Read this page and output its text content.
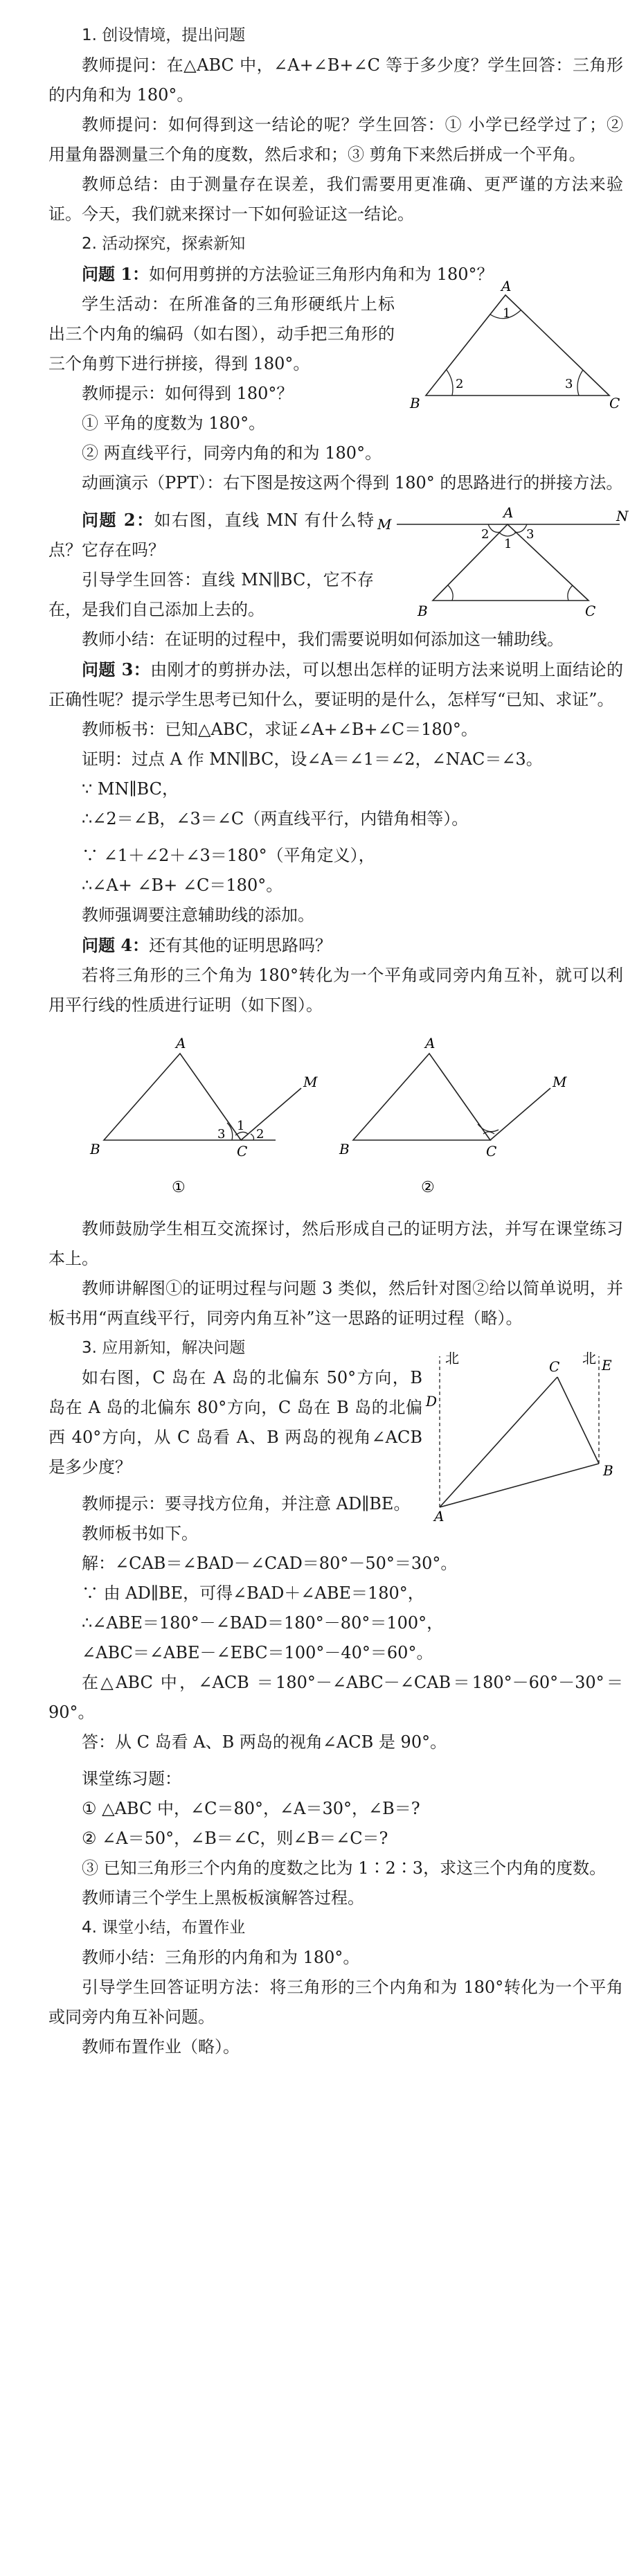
1. 创设情境，提出问题

教师提问：在△ABC 中，∠A+∠B+∠C 等于多少度？学生回答：三角形的内角和为 180°。

教师提问：如何得到这一结论的呢？学生回答：① 小学已经学过了；② 用量角器测量三个角的度数，然后求和；③ 剪角下来然后拼成一个平角。

教师总结：由于测量存在误差，我们需要用更准确、更严谨的方法来验证。今天，我们就来探讨一下如何验证这一结论。

2. 活动探究，探索新知

问题 1：如何用剪拼的方法验证三角形内角和为 180°？

学生活动：在所准备的三角形硬纸片上标出三个内角的编码（如右图），动手把三角形的三个角剪下进行拼接，得到 180°。

教师提示：如何得到 180°？

A
B	C
1
2	3

① 平角的度数为 180°。

② 两直线平行，同旁内角的和为 180°。

动画演示（PPT）：右下图是按这两个得到 180° 的思路进行的拼接方法。

问题 2：如右图，直线 MN 有什么特点？它存在吗？

引导学生回答：直线 MN∥BC，它不存在，是我们自己添加上去的。

教师小结：在证明的过程中，我们需要说明如何添加这一辅助线。

M	N
A
B	C
2
1
3

问题 3：由刚才的剪拼办法，可以想出怎样的证明方法来说明上面结论的正确性呢？提示学生思考已知什么，要证明的是什么，怎样写“已知、求证”。

教师板书：已知△ABC，求证∠A+∠B+∠C＝180°。

证明：过点 A 作 MN∥BC，设∠A＝∠1＝∠2，∠NAC＝∠3。

∵ MN∥BC，

∴∠2＝∠B，∠3＝∠C（两直线平行，内错角相等）。

∵ ∠1＋∠2＋∠3＝180°（平角定义），

∴∠A+ ∠B+ ∠C＝180°。

教师强调要注意辅助线的添加。

问题 4：还有其他的证明思路吗？

若将三角形的三个角为 180°转化为一个平角或同旁内角互补，就可以利用平行线的性质进行证明（如下图）。

A
B	C
M
3
1
2
①
A
B	C
M
②

教师鼓励学生相互交流探讨，然后形成自己的证明方法，并写在课堂练习本上。

教师讲解图①的证明过程与问题 3 类似，然后针对图②给以简单说明，并板书用“两直线平行，同旁内角互补”这一思路的证明过程（略）。

3. 应用新知，解决问题

如右图，C 岛在 A 岛的北偏东 50°方向，B 岛在 A 岛的北偏东 80°方向，C 岛在 B 岛的北偏西 40°方向，从 C 岛看 A、B 两岛的视角∠ACB 是多少度？

北	北
D
E
C
B
A

教师提示：要寻找方位角，并注意 AD∥BE。

教师板书如下。

解：∠CAB＝∠BAD－∠CAD＝80°－50°＝30°。

∵ 由 AD∥BE，可得∠BAD＋∠ABE＝180°，

∴∠ABE＝180°－∠BAD＝180°－80°＝100°，

∠ABC＝∠ABE－∠EBC＝100°－40°＝60°。

在△ABC 中，∠ACB ＝180°－∠ABC－∠CAB＝180°－60°－30°＝90°。

答：从 C 岛看 A、B 两岛的视角∠ACB 是 90°。

课堂练习题：

① △ABC 中，∠C＝80°，∠A＝30°，∠B＝?

② ∠A＝50°，∠B＝∠C，则∠B＝∠C＝?

③ 已知三角形三个内角的度数之比为 1∶2∶3，求这三个内角的度数。

教师请三个学生上黑板板演解答过程。

4. 课堂小结，布置作业

教师小结：三角形的内角和为 180°。

引导学生回答证明方法：将三角形的三个内角和为 180°转化为一个平角或同旁内角互补问题。

教师布置作业（略）。
